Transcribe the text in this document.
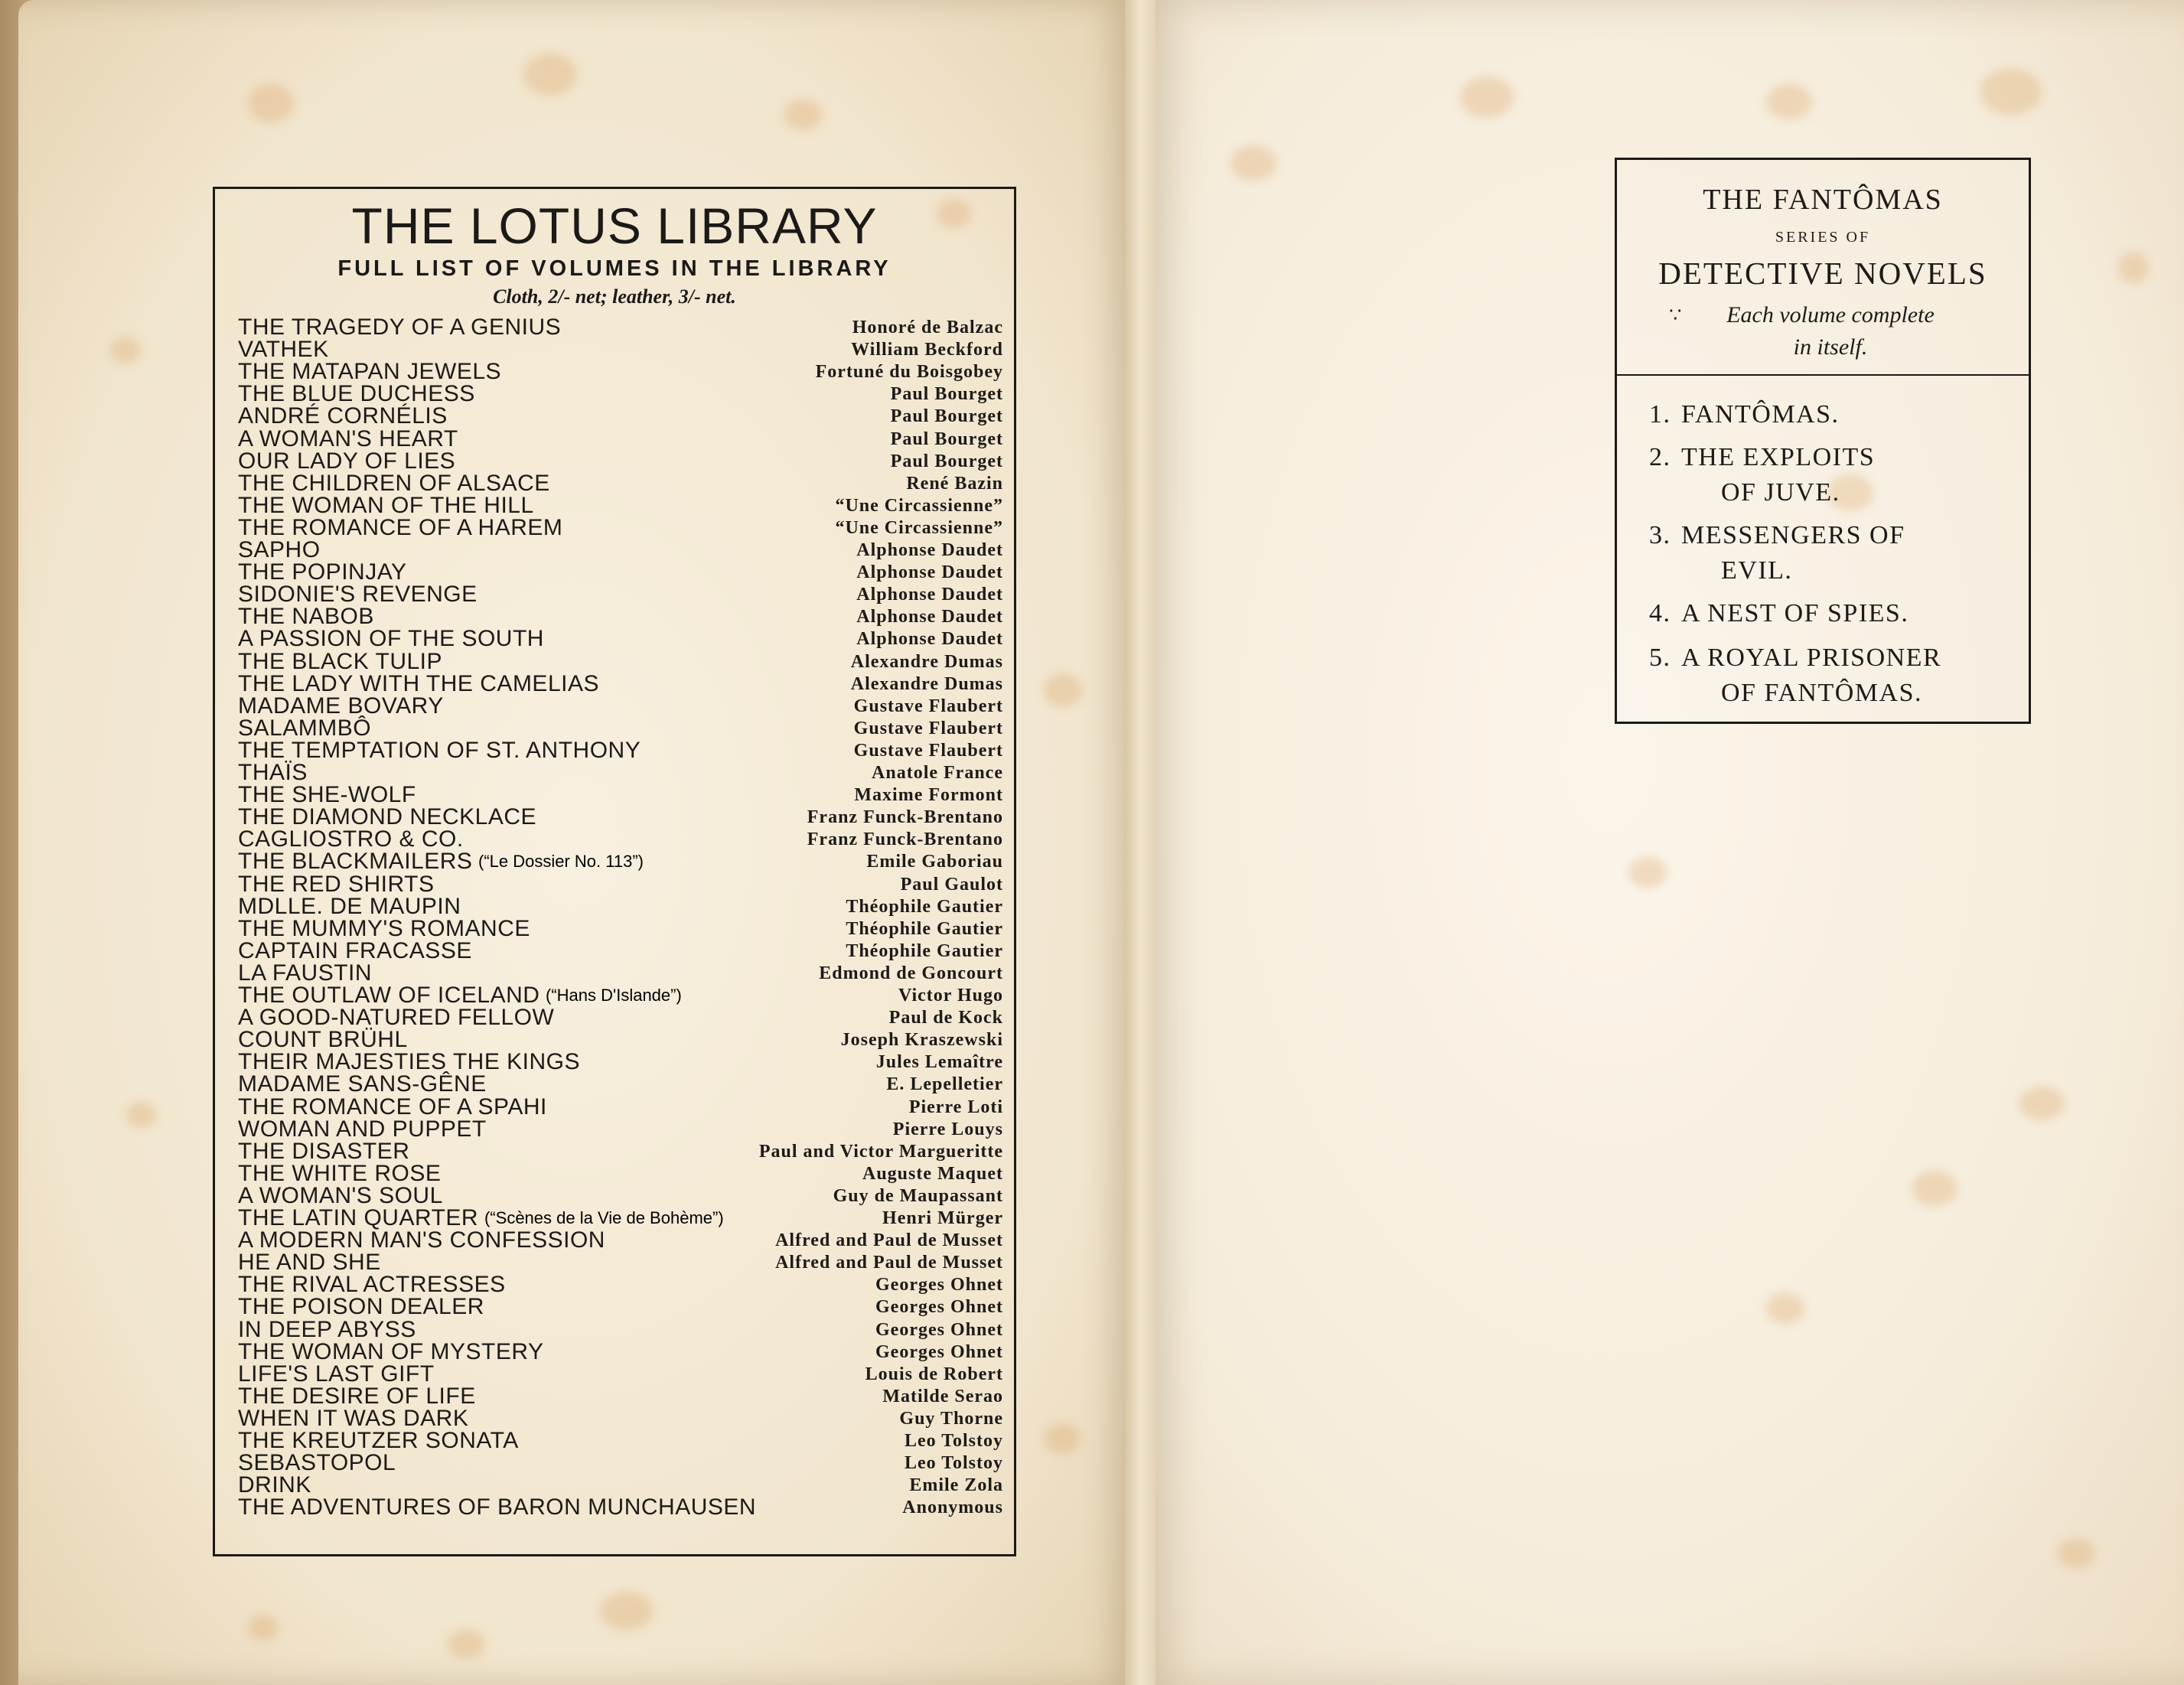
THE LOTUS LIBRARY
FULL LIST OF VOLUMES IN THE LIBRARY
Cloth, 2/- net; leather, 3/- net.
THE TRAGEDY OF A GENIUS	Honoré de Balzac
VATHEK	William Beckford
THE MATAPAN JEWELS	Fortuné du Boisgobey
THE BLUE DUCHESS	Paul Bourget
ANDRÉ CORNÉLIS	Paul Bourget
A WOMAN'S HEART	Paul Bourget
OUR LADY OF LIES	Paul Bourget
THE CHILDREN OF ALSACE	René Bazin
THE WOMAN OF THE HILL	“Une Circassienne”
THE ROMANCE OF A HAREM	“Une Circassienne”
SAPHO	Alphonse Daudet
THE POPINJAY	Alphonse Daudet
SIDONIE'S REVENGE	Alphonse Daudet
THE NABOB	Alphonse Daudet
A PASSION OF THE SOUTH	Alphonse Daudet
THE BLACK TULIP	Alexandre Dumas
THE LADY WITH THE CAMELIAS	Alexandre Dumas
MADAME BOVARY	Gustave Flaubert
SALAMMBÔ	Gustave Flaubert
THE TEMPTATION OF ST. ANTHONY	Gustave Flaubert
THAÏS	Anatole France
THE SHE-WOLF	Maxime Formont
THE DIAMOND NECKLACE	Franz Funck-Brentano
CAGLIOSTRO & CO.	Franz Funck-Brentano
THE BLACKMAILERS (“Le Dossier No. 113”)	Emile Gaboriau
THE RED SHIRTS	Paul Gaulot
MDLLE. DE MAUPIN	Théophile Gautier
THE MUMMY'S ROMANCE	Théophile Gautier
CAPTAIN FRACASSE	Théophile Gautier
LA FAUSTIN	Edmond de Goncourt
THE OUTLAW OF ICELAND (“Hans D'Islande”)	Victor Hugo
A GOOD-NATURED FELLOW	Paul de Kock
COUNT BRÜHL	Joseph Kraszewski
THEIR MAJESTIES THE KINGS	Jules Lemaître
MADAME SANS-GÊNE	E. Lepelletier
THE ROMANCE OF A SPAHI	Pierre Loti
WOMAN AND PUPPET	Pierre Louys
THE DISASTER	Paul and Victor Margueritte
THE WHITE ROSE	Auguste Maquet
A WOMAN'S SOUL	Guy de Maupassant
THE LATIN QUARTER (“Scènes de la Vie de Bohème”)	Henri Mürger
A MODERN MAN'S CONFESSION	Alfred and Paul de Musset
HE AND SHE	Alfred and Paul de Musset
THE RIVAL ACTRESSES	Georges Ohnet
THE POISON DEALER	Georges Ohnet
IN DEEP ABYSS	Georges Ohnet
THE WOMAN OF MYSTERY	Georges Ohnet
LIFE'S LAST GIFT	Louis de Robert
THE DESIRE OF LIFE	Matilde Serao
WHEN IT WAS DARK	Guy Thorne
THE KREUTZER SONATA	Leo Tolstoy
SEBASTOPOL	Leo Tolstoy
DRINK	Emile Zola
THE ADVENTURES OF BARON MUNCHAUSEN	Anonymous
THE FANTÔMAS
SERIES OF
DETECTIVE NOVELS
∵	Each volume complete
in itself.
1. FANTÔMAS.
2. THE EXPLOITS
OF JUVE.
3. MESSENGERS OF
EVIL.
4. A NEST OF SPIES.
5. A ROYAL PRISONER
OF FANTÔMAS.
